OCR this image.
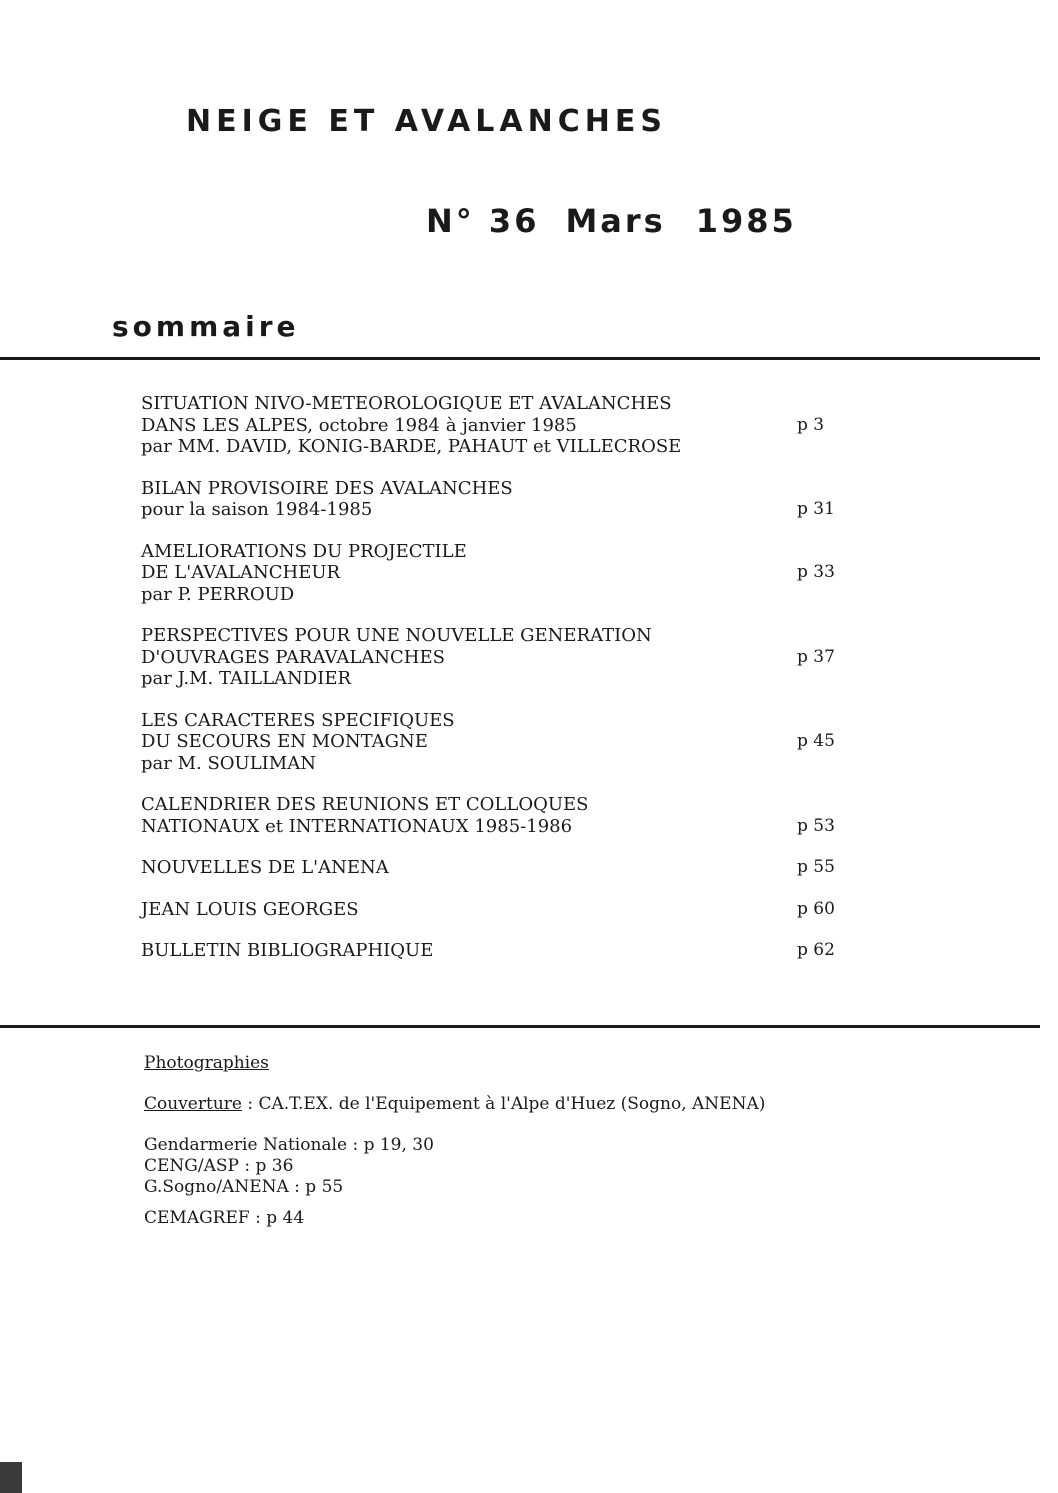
NEIGE ET AVALANCHES
N° 36 Mars 1985
sommaire
SITUATION NIVO-METEOROLOGIQUE ET AVALANCHES
DANS LES ALPES, octobre 1984 à janvier 1985
par MM. DAVID, KONIG-BARDE, PAHAUT et VILLECROSE
p 3
BILAN PROVISOIRE DES AVALANCHES
pour la saison 1984-1985	p 31
AMELIORATIONS DU PROJECTILE
DE L'AVALANCHEUR
par P. PERROUD
p 33
PERSPECTIVES POUR UNE NOUVELLE GENERATION
D'OUVRAGES PARAVALANCHES
par J.M. TAILLANDIER
p 37
LES CARACTERES SPECIFIQUES
DU SECOURS EN MONTAGNE
par M. SOULIMAN
p 45
CALENDRIER DES REUNIONS ET COLLOQUES
NATIONAUX et INTERNATIONAUX 1985-1986	p 53
NOUVELLES DE L'ANENA	p 55
JEAN LOUIS GEORGES	p 60
BULLETIN BIBLIOGRAPHIQUE	p 62
Photographies
Couverture : CA.T.EX. de l'Equipement à l'Alpe d'Huez (Sogno, ANENA)
Gendarmerie Nationale : p 19, 30
CENG/ASP : p 36
G.Sogno/ANENA : p 55
CEMAGREF : p 44
